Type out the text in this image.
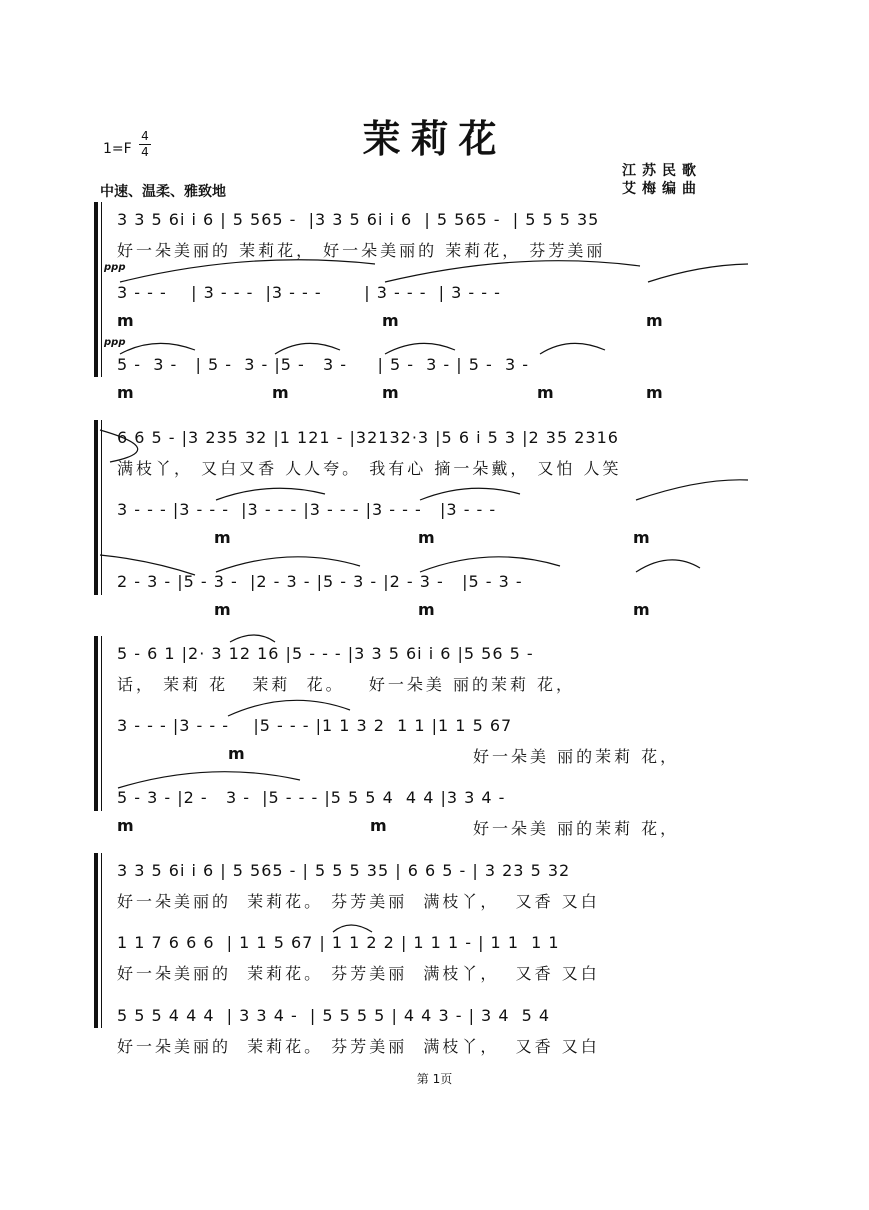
茉莉花
1=F
4
4
中速、温柔、雅致地
江苏民歌
艾梅编曲
3 3 5 6i i 6 | 5 565 -  |3 3 5 6i i 6  | 5 565 -  | 5 5 5 35
好一朵美丽的 茉莉花， 好一朵美丽的 茉莉花， 芬芳美丽
ppp
3 - - -    | 3 - - -  |3 - - -       | 3 - - -  | 3 - - -
m	m	m
ppp
5 -  3 -   | 5 -  3 - |5 -   3 -     | 5 -  3 - | 5 -  3 -
m	m	m	m	m
6 6 5 - |3 235 32 |1 121 - |32132·3 |5 6 i 5 3 |2 35 2316
满枝丫， 又白又香 人人夸。 我有心 摘一朵戴， 又怕 人笑
3 - - - |3 - - -  |3 - - - |3 - - - |3 - - -   |3 - - -
m	m	m
2 - 3 - |5 - 3 -  |2 - 3 - |5 - 3 - |2 - 3 -   |5 - 3 -
m	m	m
5 - 6 1 |2· 3 12 16 |5 - - - |3 3 5 6i i 6 |5 56 5 -
话， 茉莉 花   茉莉  花。   好一朵美 丽的茉莉 花，
3 - - - |3 - - -    |5 - - - |1 1 3 2  1 1 |1 1 5 67
m	好一朵美 丽的茉莉 花，
5 - 3 - |2 -   3 -  |5 - - - |5 5 5 4  4 4 |3 3 4 -
m	m	好一朵美 丽的茉莉 花，
3 3 5 6i i 6 | 5 565 - | 5 5 5 35 | 6 6 5 - | 3 23 5 32
好一朵美丽的  茉莉花。 芬芳美丽  满枝丫，  又香 又白
1 1 7 6 6 6  | 1 1 5 67 | 1 1 2 2 | 1 1 1 - | 1 1  1 1
好一朵美丽的  茉莉花。 芬芳美丽  满枝丫，  又香 又白
5 5 5 4 4 4  | 3 3 4 -  | 5 5 5 5 | 4 4 3 - | 3 4  5 4
好一朵美丽的  茉莉花。 芬芳美丽  满枝丫，  又香 又白
第 1页
